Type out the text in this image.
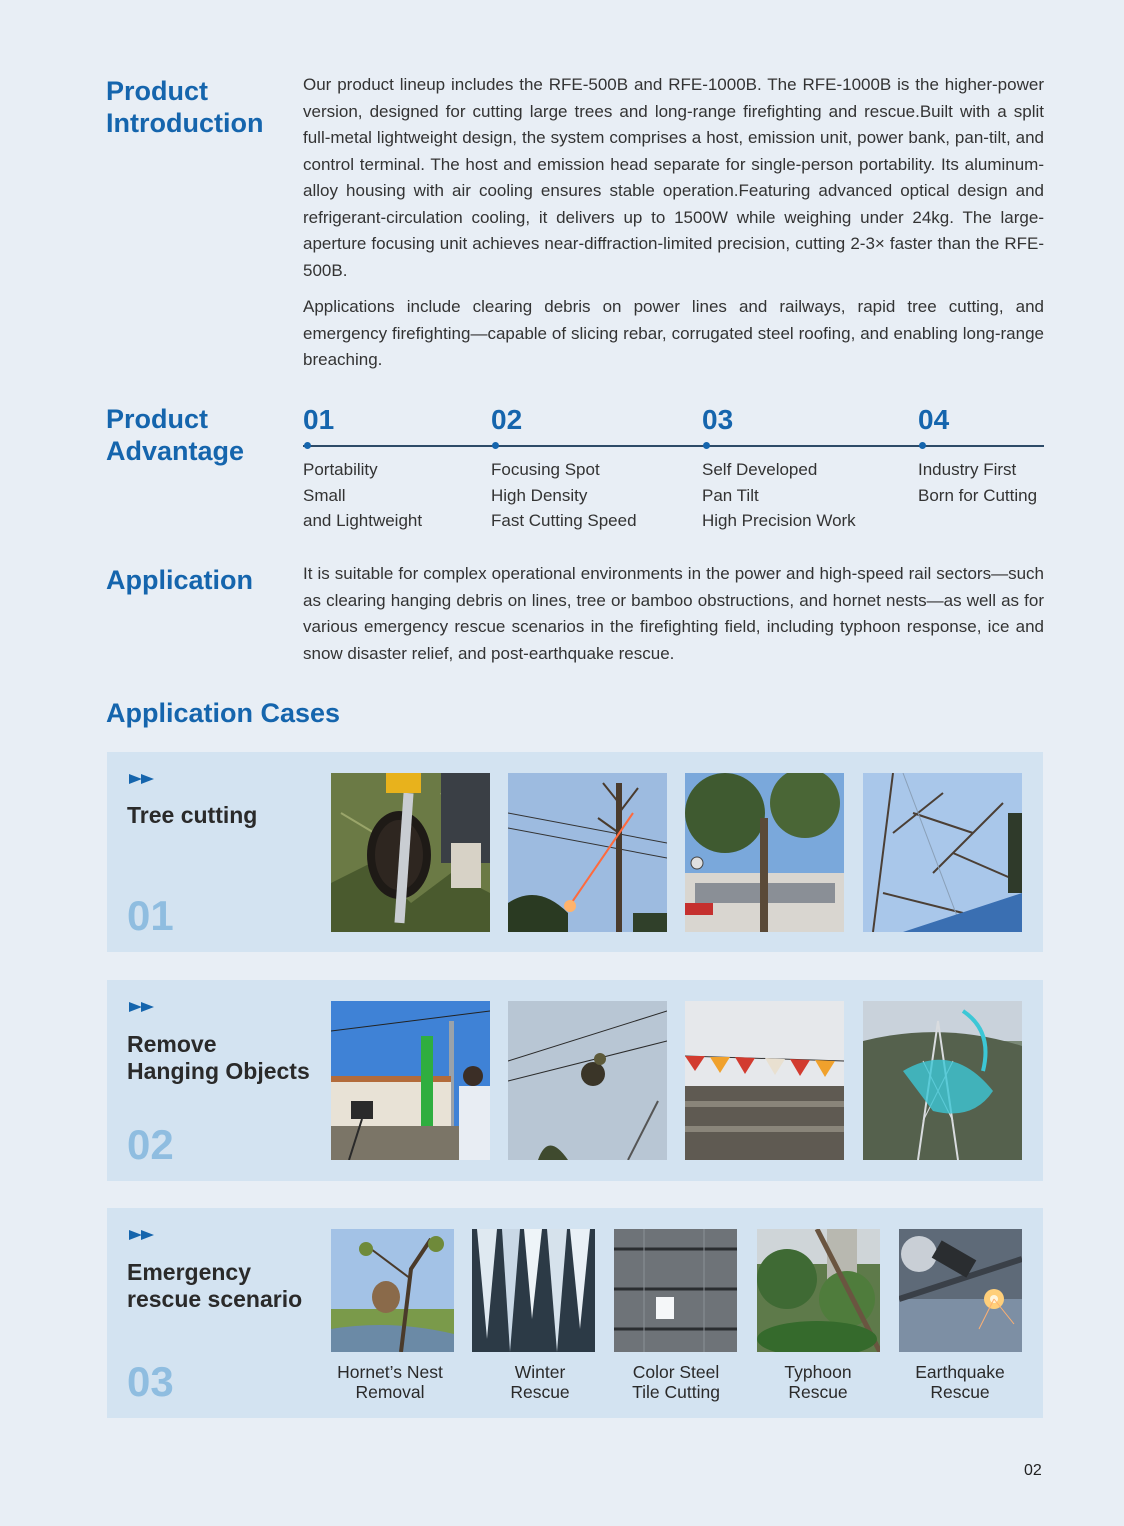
Product
Introduction

Our product lineup includes the RFE-500B and RFE-1000B. The RFE-1000B is the higher-power version, designed for cutting large trees and long-range firefighting and rescue.Built with a split full-metal lightweight design, the system comprises a host, emission unit, power bank, pan-tilt, and control terminal. The host and emission head separate for single-person portability. Its aluminum-alloy housing with air cooling ensures stable operation.Featuring advanced optical design and refrigerant-circulation cooling, it delivers up to 1500W while weighing under 24kg. The large-aperture focusing unit achieves near-diffraction-limited precision, cutting 2-3× faster than the RFE-500B.

Applications include clearing debris on power lines and railways, rapid tree cutting, and emergency firefighting—capable of slicing rebar, corrugated steel roofing, and enabling long-range breaching.

Product
Advantage
01
Portability
Small
and Lightweight
02
Focusing Spot
High Density
Fast Cutting Speed
03
Self Developed
Pan Tilt
High Precision Work
04
Industry First
Born for Cutting
Application	It is suitable for complex operational environments in the power and high-speed rail sectors—such as clearing hanging debris on lines, tree or bamboo obstructions, and hornet nests—as well as for various emergency rescue scenarios in the firefighting field, including typhoon response, ice and snow disaster relief, and post-earthquake rescue.

Application Cases
Tree cutting
01
Remove
Hanging Objects
02
Emergency
rescue scenario
03	Hornet’s Nest
Removal
Winter
Rescue
Color Steel
Tile Cutting
Typhoon
Rescue
Earthquake
Rescue
02
